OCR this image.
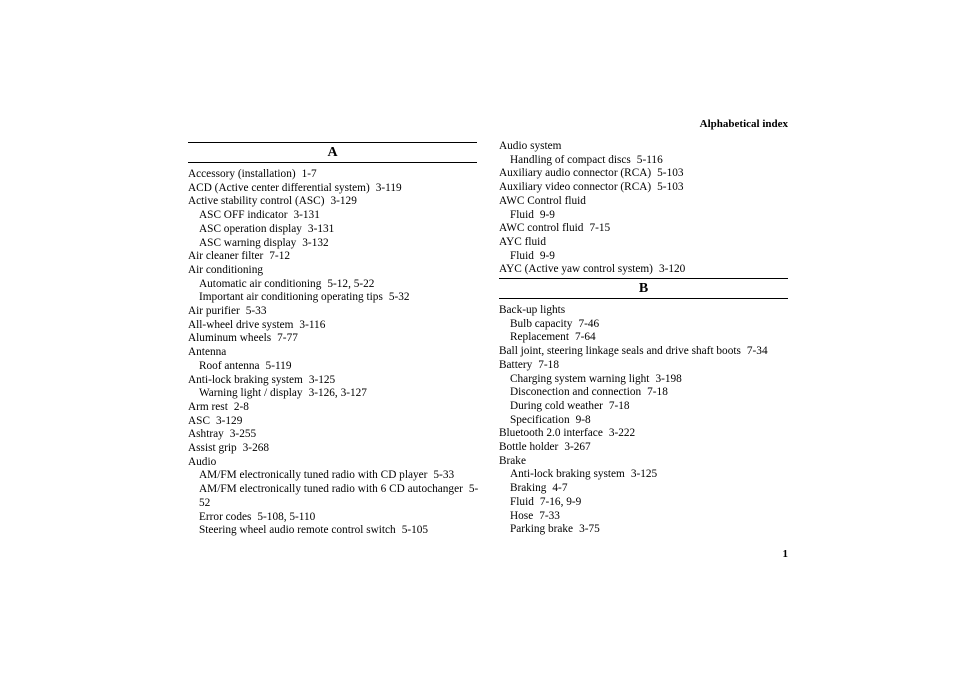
Alphabetical index
A
Accessory (installation) 1-7
ACD (Active center differential system) 3-119
Active stability control (ASC) 3-129
ASC OFF indicator 3-131
ASC operation display 3-131
ASC warning display 3-132
Air cleaner filter 7-12
Air conditioning
Automatic air conditioning 5-12, 5-22
Important air conditioning operating tips 5-32
Air purifier 5-33
All-wheel drive system 3-116
Aluminum wheels 7-77
Antenna
Roof antenna 5-119
Anti-lock braking system 3-125
Warning light / display 3-126, 3-127
Arm rest 2-8
ASC 3-129
Ashtray 3-255
Assist grip 3-268
Audio
AM/FM electronically tuned radio with CD player 5-33
AM/FM electronically tuned radio with 6 CD autochanger 5-
52
Error codes 5-108, 5-110
Steering wheel audio remote control switch 5-105
Audio system
Handling of compact discs 5-116
Auxiliary audio connector (RCA) 5-103
Auxiliary video connector (RCA) 5-103
AWC Control fluid
Fluid 9-9
AWC control fluid 7-15
AYC fluid
Fluid 9-9
AYC (Active yaw control system) 3-120
B
Back-up lights
Bulb capacity 7-46
Replacement 7-64
Ball joint, steering linkage seals and drive shaft boots 7-34
Battery 7-18
Charging system warning light 3-198
Disconection and connection 7-18
During cold weather 7-18
Specification 9-8
Bluetooth 2.0 interface 3-222
Bottle holder 3-267
Brake
Anti-lock braking system 3-125
Braking 4-7
Fluid 7-16, 9-9
Hose 7-33
Parking brake 3-75
1
